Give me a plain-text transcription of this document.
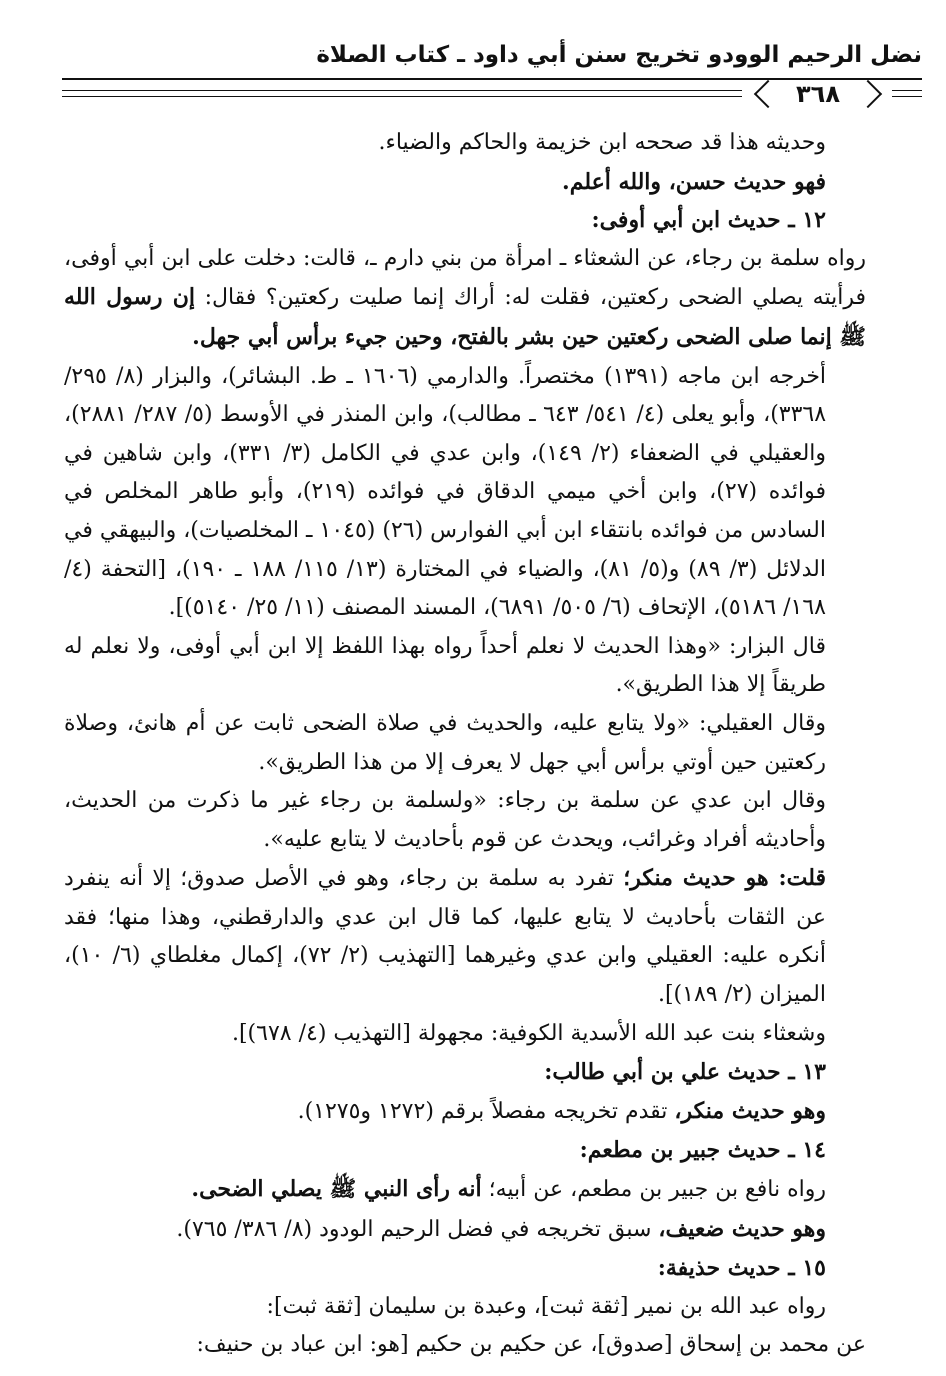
نضل الرحيم الوودو تخريج سنن أبي داود ـ كتاب الصلاة
٣٦٨

وحديثه هذا قد صححه ابن خزيمة والحاكم والضياء.

فهو حديث حسن، والله أعلم.

١٢ ـ حديث ابن أبي أوفى:

رواه سلمة بن رجاء، عن الشعثاء ـ امرأة من بني دارم ـ، قالت: دخلت على ابن أبي أوفى، فرأيته يصلي الضحى ركعتين، فقلت له: أراك إنما صليت ركعتين؟ فقال: إن رسول الله ﷺ إنما صلى الضحى ركعتين حين بشر بالفتح، وحين جيء برأس أبي جهل.

أخرجه ابن ماجه (١٣٩١) مختصراً. والدارمي (١٦٠٦ ـ ط. البشائر)، والبزار (٨/ ٢٩٥/ ٣٣٦٨)، وأبو يعلى (٤/ ٥٤١/ ٦٤٣ ـ مطالب)، وابن المنذر في الأوسط (٥/ ٢٨٧/ ٢٨٨١)، والعقيلي في الضعفاء (٢/ ١٤٩)، وابن عدي في الكامل (٣/ ٣٣١)، وابن شاهين في فوائده (٢٧)، وابن أخي ميمي الدقاق في فوائده (٢١٩)، وأبو طاهر المخلص في السادس من فوائده بانتقاء ابن أبي الفوارس (٢٦) (١٠٤٥ ـ المخلصيات)، والبيهقي في الدلائل (٣/ ٨٩) و(٥/ ٨١)، والضياء في المختارة (١٣/ ١١٥/ ١٨٨ ـ ١٩٠)، [التحفة (٤/ ١٦٨/ ٥١٨٦)، الإتحاف (٦/ ٥٠٥/ ٦٨٩١)، المسند المصنف (١١/ ٢٥/ ٥١٤٠)].

قال البزار: «وهذا الحديث لا نعلم أحداً رواه بهذا اللفظ إلا ابن أبي أوفى، ولا نعلم له طريقاً إلا هذا الطريق».

وقال العقيلي: «ولا يتابع عليه، والحديث في صلاة الضحى ثابت عن أم هانئ، وصلاة ركعتين حين أوتي برأس أبي جهل لا يعرف إلا من هذا الطريق».

وقال ابن عدي عن سلمة بن رجاء: «ولسلمة بن رجاء غير ما ذكرت من الحديث، وأحاديثه أفراد وغرائب، ويحدث عن قوم بأحاديث لا يتابع عليه».

قلت: هو حديث منكر؛ تفرد به سلمة بن رجاء، وهو في الأصل صدوق؛ إلا أنه ينفرد عن الثقات بأحاديث لا يتابع عليها، كما قال ابن عدي والدارقطني، وهذا منها؛ فقد أنكره عليه: العقيلي وابن عدي وغيرهما [التهذيب (٢/ ٧٢)، إكمال مغلطاي (٦/ ١٠)، الميزان (٢/ ١٨٩)].

وشعثاء بنت عبد الله الأسدية الكوفية: مجهولة [التهذيب (٤/ ٦٧٨)].

١٣ ـ حديث علي بن أبي طالب:

وهو حديث منكر، تقدم تخريجه مفصلاً برقم (١٢٧٢ و١٢٧٥).

١٤ ـ حديث جبير بن مطعم:

رواه نافع بن جبير بن مطعم، عن أبيه؛ أنه رأى النبي ﷺ يصلي الضحى.

وهو حديث ضعيف، سبق تخريجه في فضل الرحيم الودود (٨/ ٣٨٦/ ٧٦٥).

١٥ ـ حديث حذيفة:

رواه عبد الله بن نمير [ثقة ثبت]، وعبدة بن سليمان [ثقة ثبت]:

عن محمد بن إسحاق [صدوق]، عن حكيم بن حكيم [هو: ابن عباد بن حنيف:
